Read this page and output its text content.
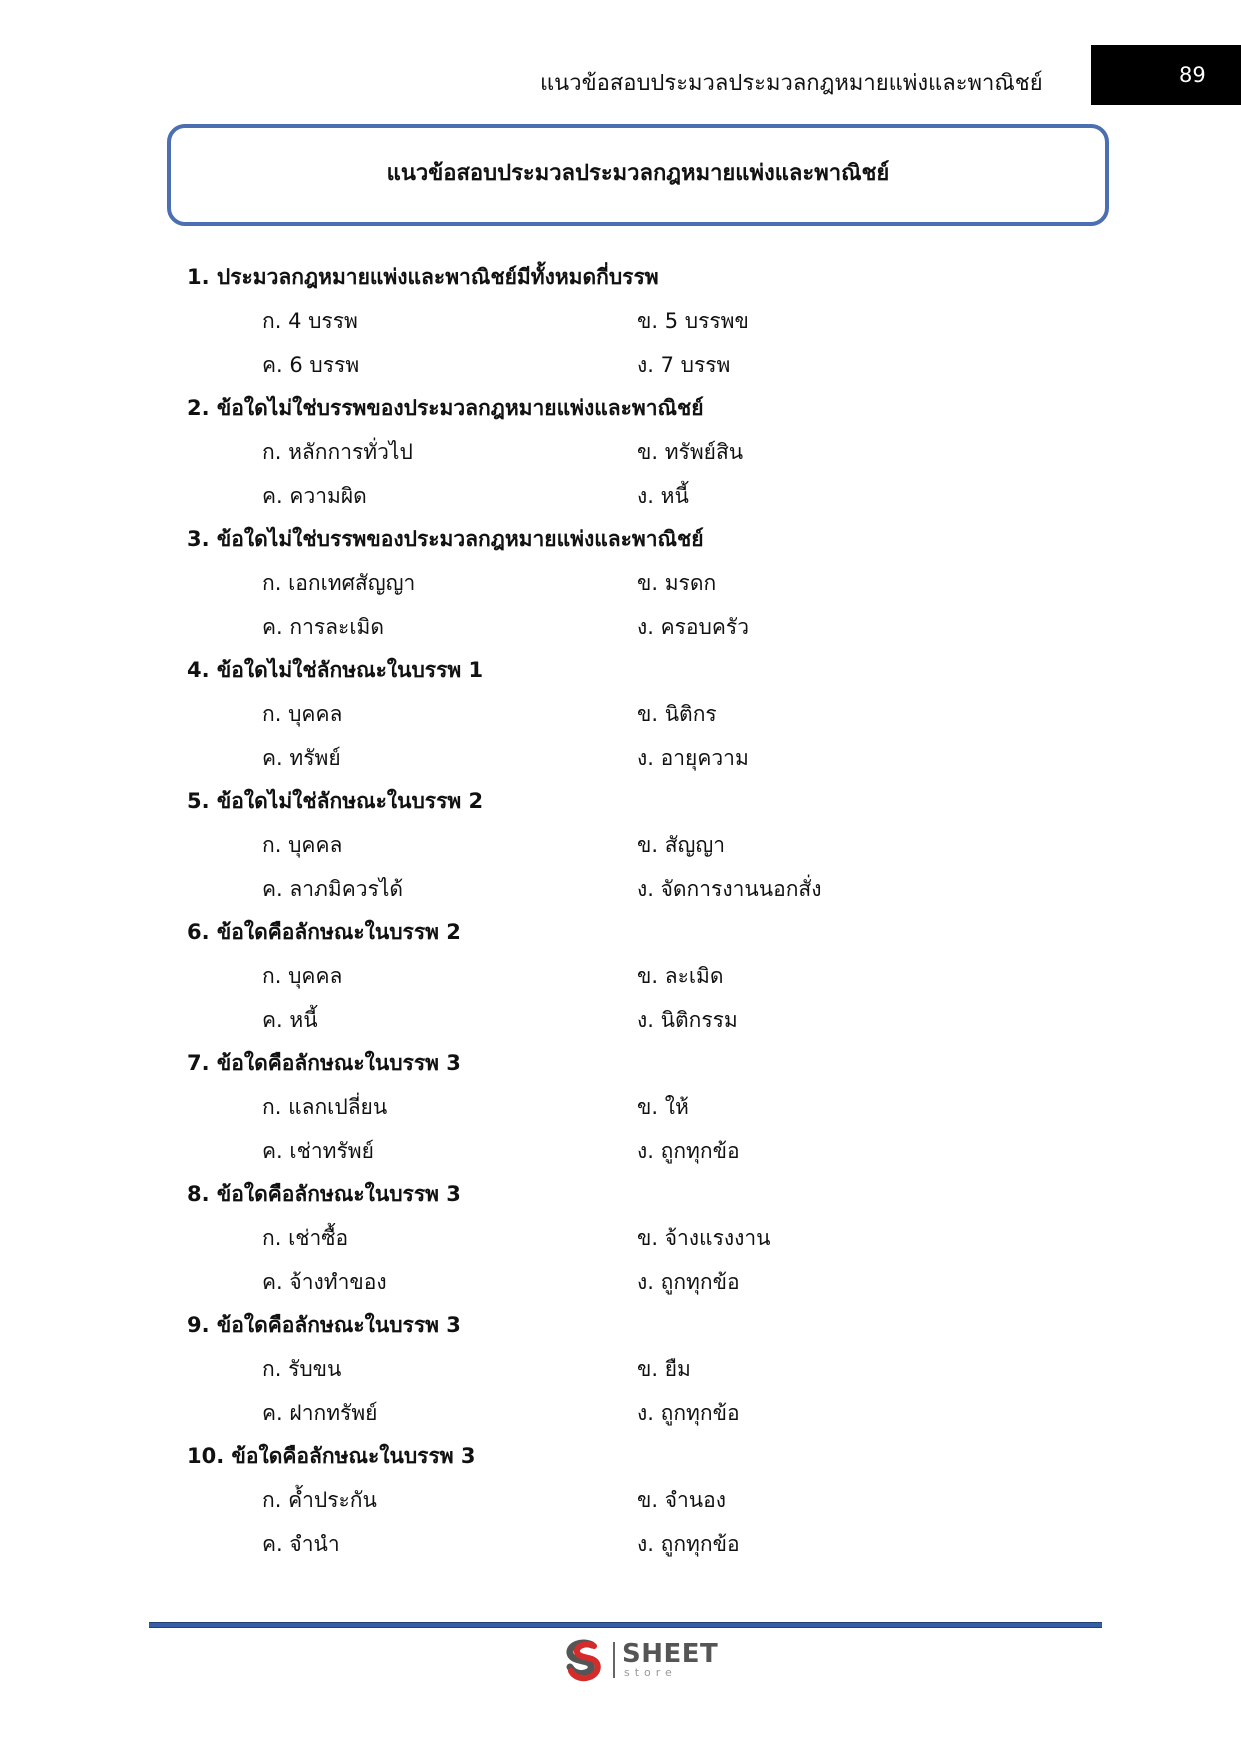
แนวข้อสอบประมวลประมวลกฎหมายแพ่งและพาณิชย์	89
แนวข้อสอบประมวลประมวลกฎหมายแพ่งและพาณิชย์
1. ประมวลกฎหมายแพ่งและพาณิชย์มีทั้งหมดกี่บรรพ
ก. 4 บรรพ	ข. 5 บรรพข
ค. 6 บรรพ	ง. 7 บรรพ
2. ข้อใดไม่ใช่บรรพของประมวลกฎหมายแพ่งและพาณิชย์
ก. หลักการทั่วไป	ข. ทรัพย์สิน
ค. ความผิด	ง. หนี้
3. ข้อใดไม่ใช่บรรพของประมวลกฎหมายแพ่งและพาณิชย์
ก. เอกเทศสัญญา	ข. มรดก
ค. การละเมิด	ง. ครอบครัว
4. ข้อใดไม่ใช่ลักษณะในบรรพ 1
ก. บุคคล	ข. นิติกร
ค. ทรัพย์	ง. อายุความ
5. ข้อใดไม่ใช่ลักษณะในบรรพ 2
ก. บุคคล	ข. สัญญา
ค. ลาภมิควรได้	ง. จัดการงานนอกสั่ง
6. ข้อใดคือลักษณะในบรรพ 2
ก. บุคคล	ข. ละเมิด
ค. หนี้	ง. นิติกรรม
7. ข้อใดคือลักษณะในบรรพ 3
ก. แลกเปลี่ยน	ข. ให้
ค. เช่าทรัพย์	ง. ถูกทุกข้อ
8. ข้อใดคือลักษณะในบรรพ 3
ก. เช่าซื้อ	ข. จ้างแรงงาน
ค. จ้างทำของ	ง. ถูกทุกข้อ
9. ข้อใดคือลักษณะในบรรพ 3
ก. รับขน	ข. ยืม
ค. ฝากทรัพย์	ง. ถูกทุกข้อ
10. ข้อใดคือลักษณะในบรรพ 3
ก. ค้ำประกัน	ข. จำนอง
ค. จำนำ	ง. ถูกทุกข้อ
SHEET
store
